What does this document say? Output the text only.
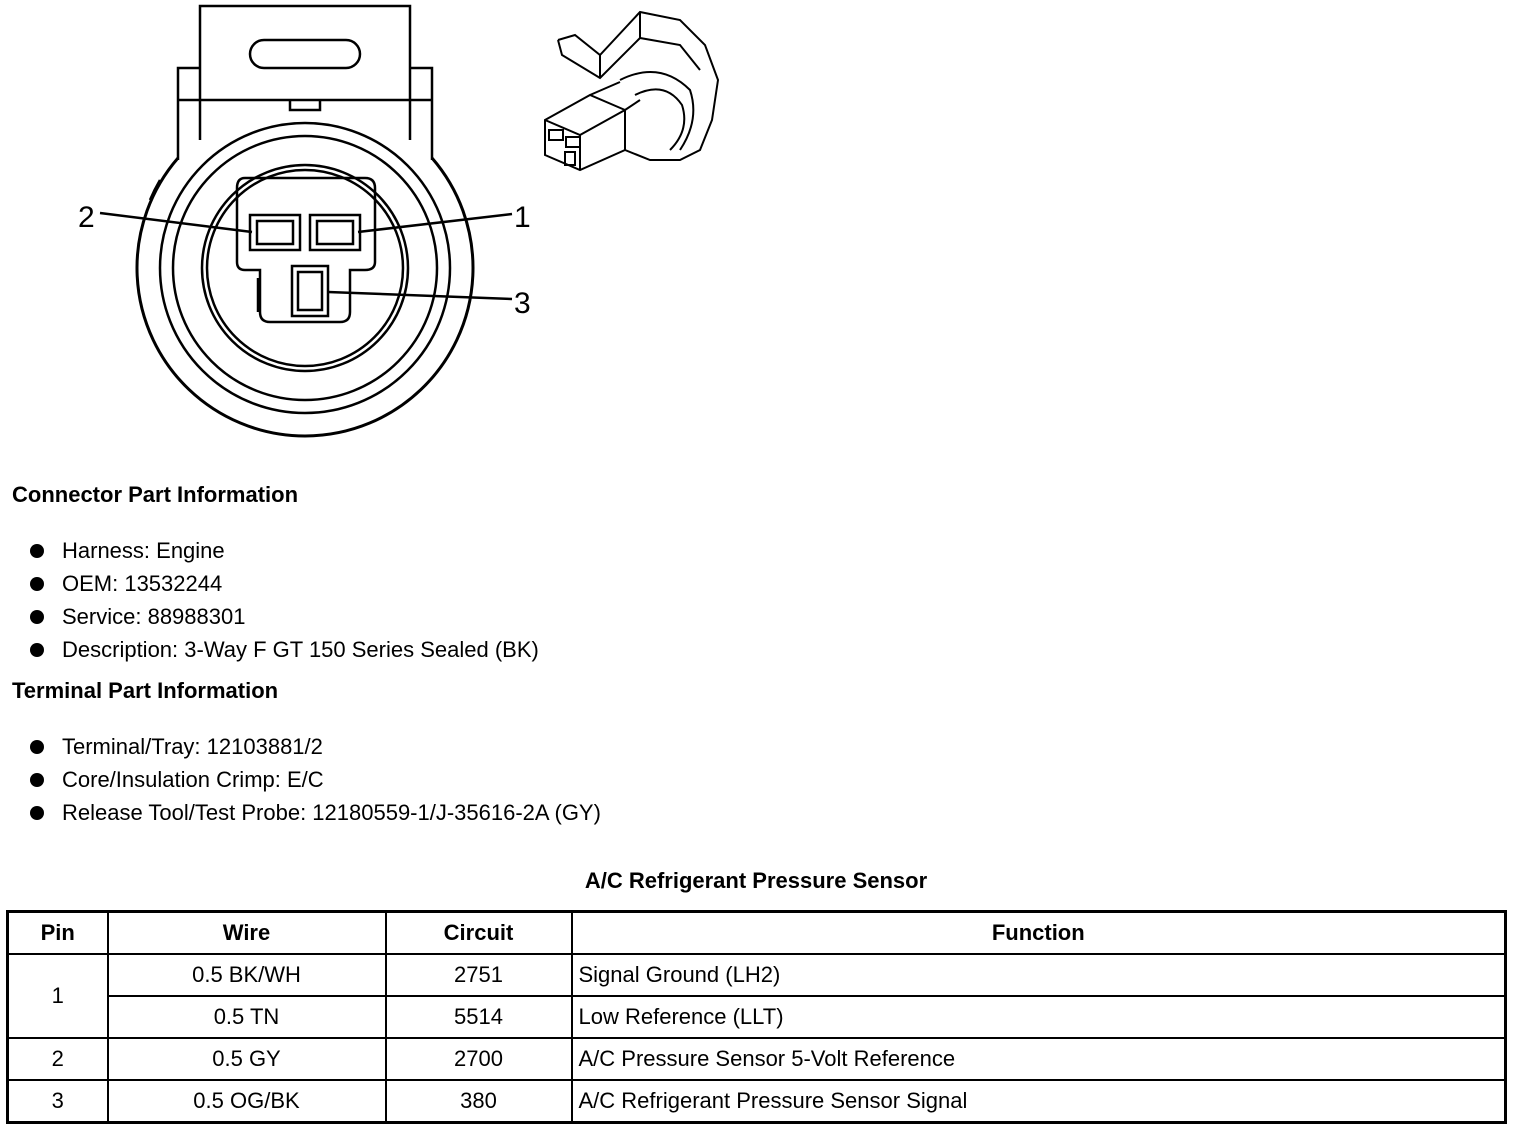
2	1
3
Connector Part Information
Harness: Engine
OEM: 13532244
Service: 88988301
Description: 3-Way F GT 150 Series Sealed (BK)
Terminal Part Information
Terminal/Tray: 12103881/2
Core/Insulation Crimp: E/C
Release Tool/Test Probe: 12180559-1/J-35616-2A (GY)
A/C Refrigerant Pressure Sensor
Pin	Wire	Circuit	Function
1	0.5 BK/WH	2751	Signal Ground (LH2)
	0.5 TN	5514	Low Reference (LLT)
2	0.5 GY	2700	A/C Pressure Sensor 5-Volt Reference
3	0.5 OG/BK	380	A/C Refrigerant Pressure Sensor Signal
